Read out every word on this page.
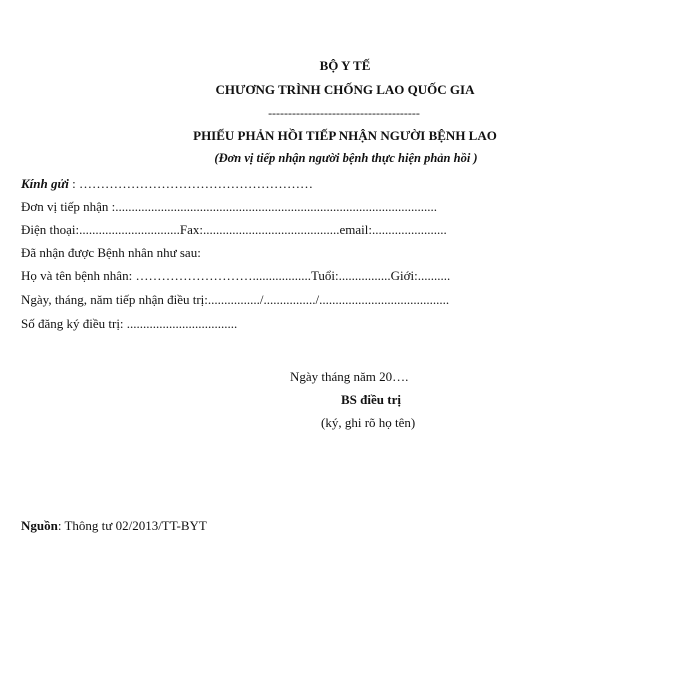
BỘ Y TẾ
CHƯƠNG TRÌNH CHỐNG LAO QUỐC GIA
--------------------------------------
PHIẾU PHẢN HỒI TIẾP NHẬN NGƯỜI BỆNH LAO
(Đơn vị tiếp nhận người bệnh thực hiện phản hồi )
Kính gửi : ………………………………………………
Đơn vị tiếp nhận :...................................................................................................
Điện thoại:...............................Fax:..........................................email:.......................
Đã nhận được Bệnh nhân như sau:
Họ và tên bệnh nhân: ………………………..................Tuổi:................Giới:..........
Ngày, tháng, năm tiếp nhận điều trị:................/................/........................................
Số đăng ký điều trị: ..................................
Ngày tháng năm 20….
BS điều trị
(ký, ghi rõ họ tên)
Nguồn: Thông tư 02/2013/TT-BYT
